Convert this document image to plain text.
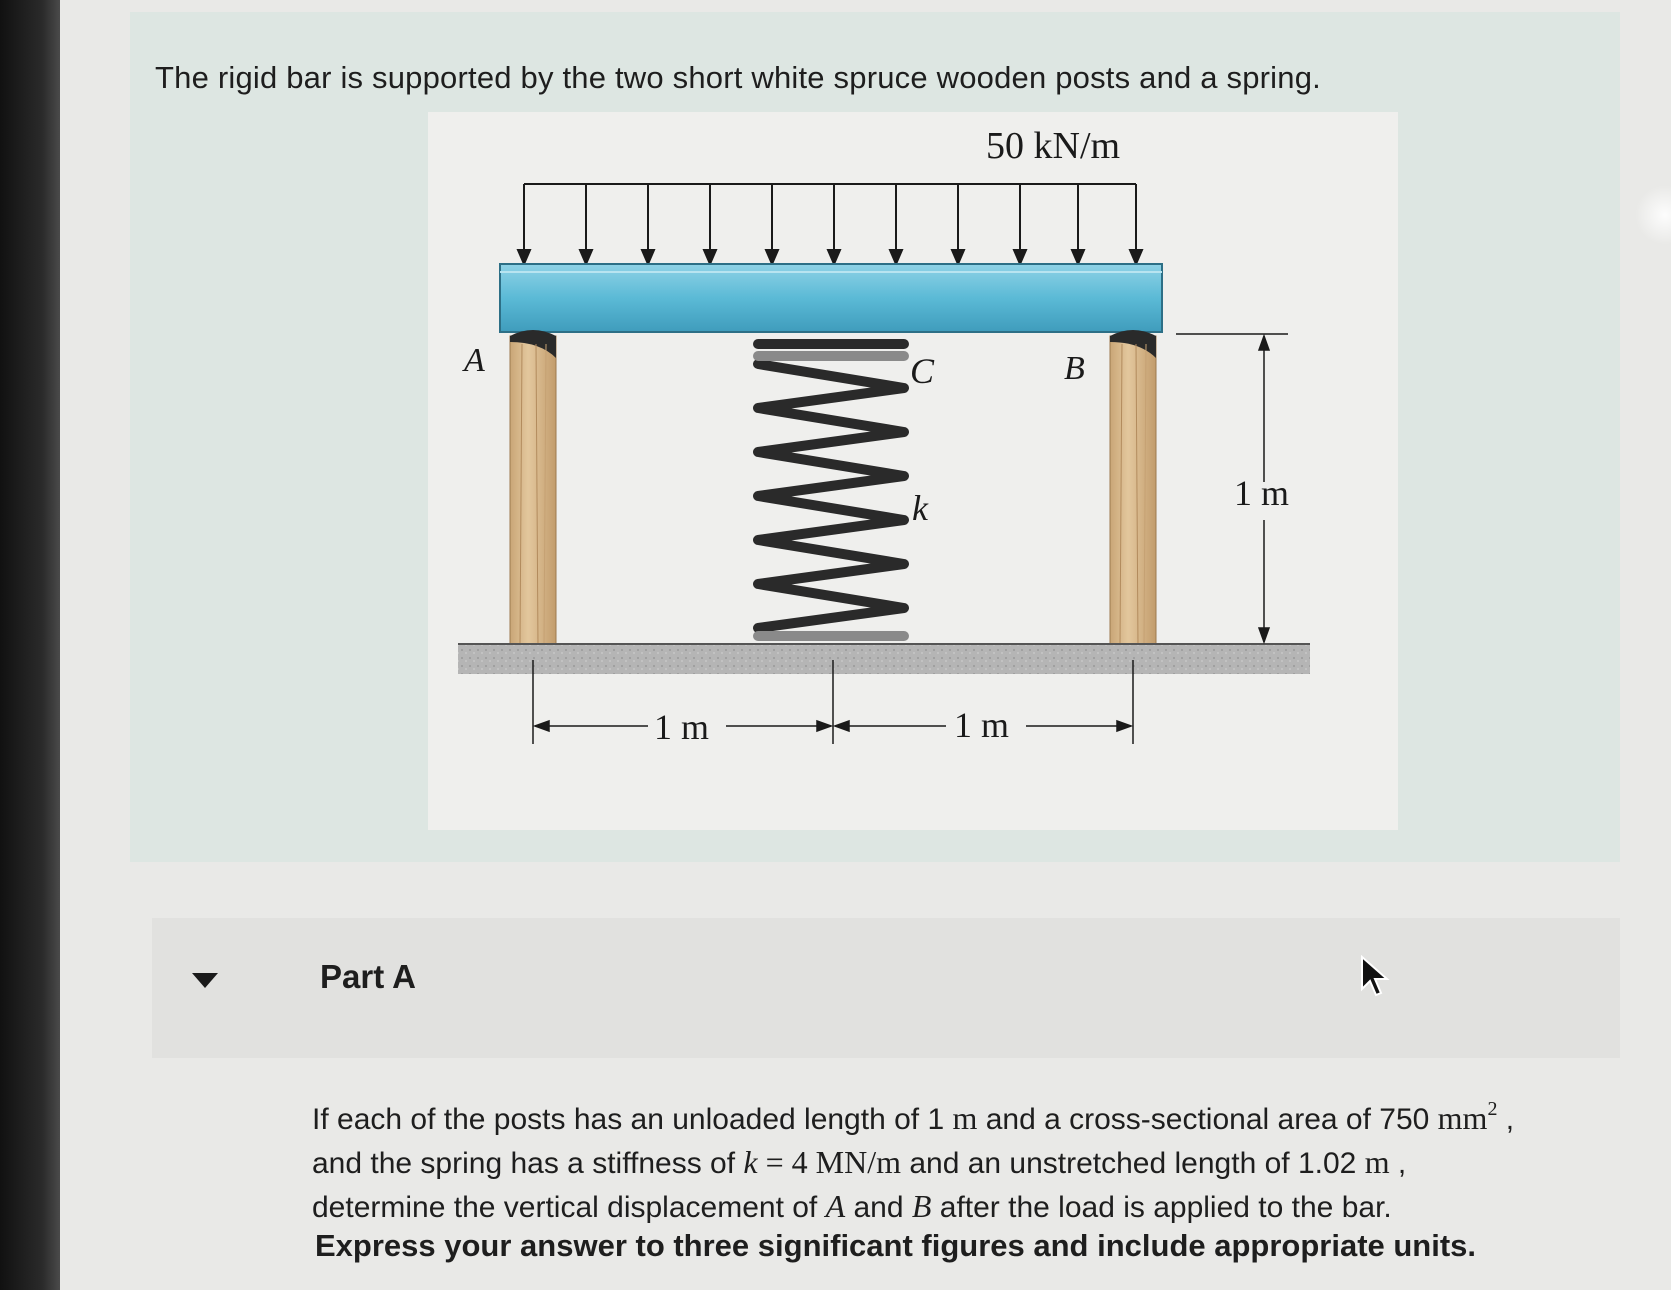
The rigid bar is supported by the two short white spruce wooden posts and a spring.
50 kN/m
A	C	B
k	1 m
1 m	1 m
Part A
If each of the posts has an unloaded length of 1 m and a cross-sectional area of 750 $mm^2$ ,
and the spring has a stiffness of k = 4 MN/m and an unstretched length of 1.02 m ,
determine the vertical displacement of A and B after the load is applied to the bar.
Express your answer to three significant figures and include appropriate units.
